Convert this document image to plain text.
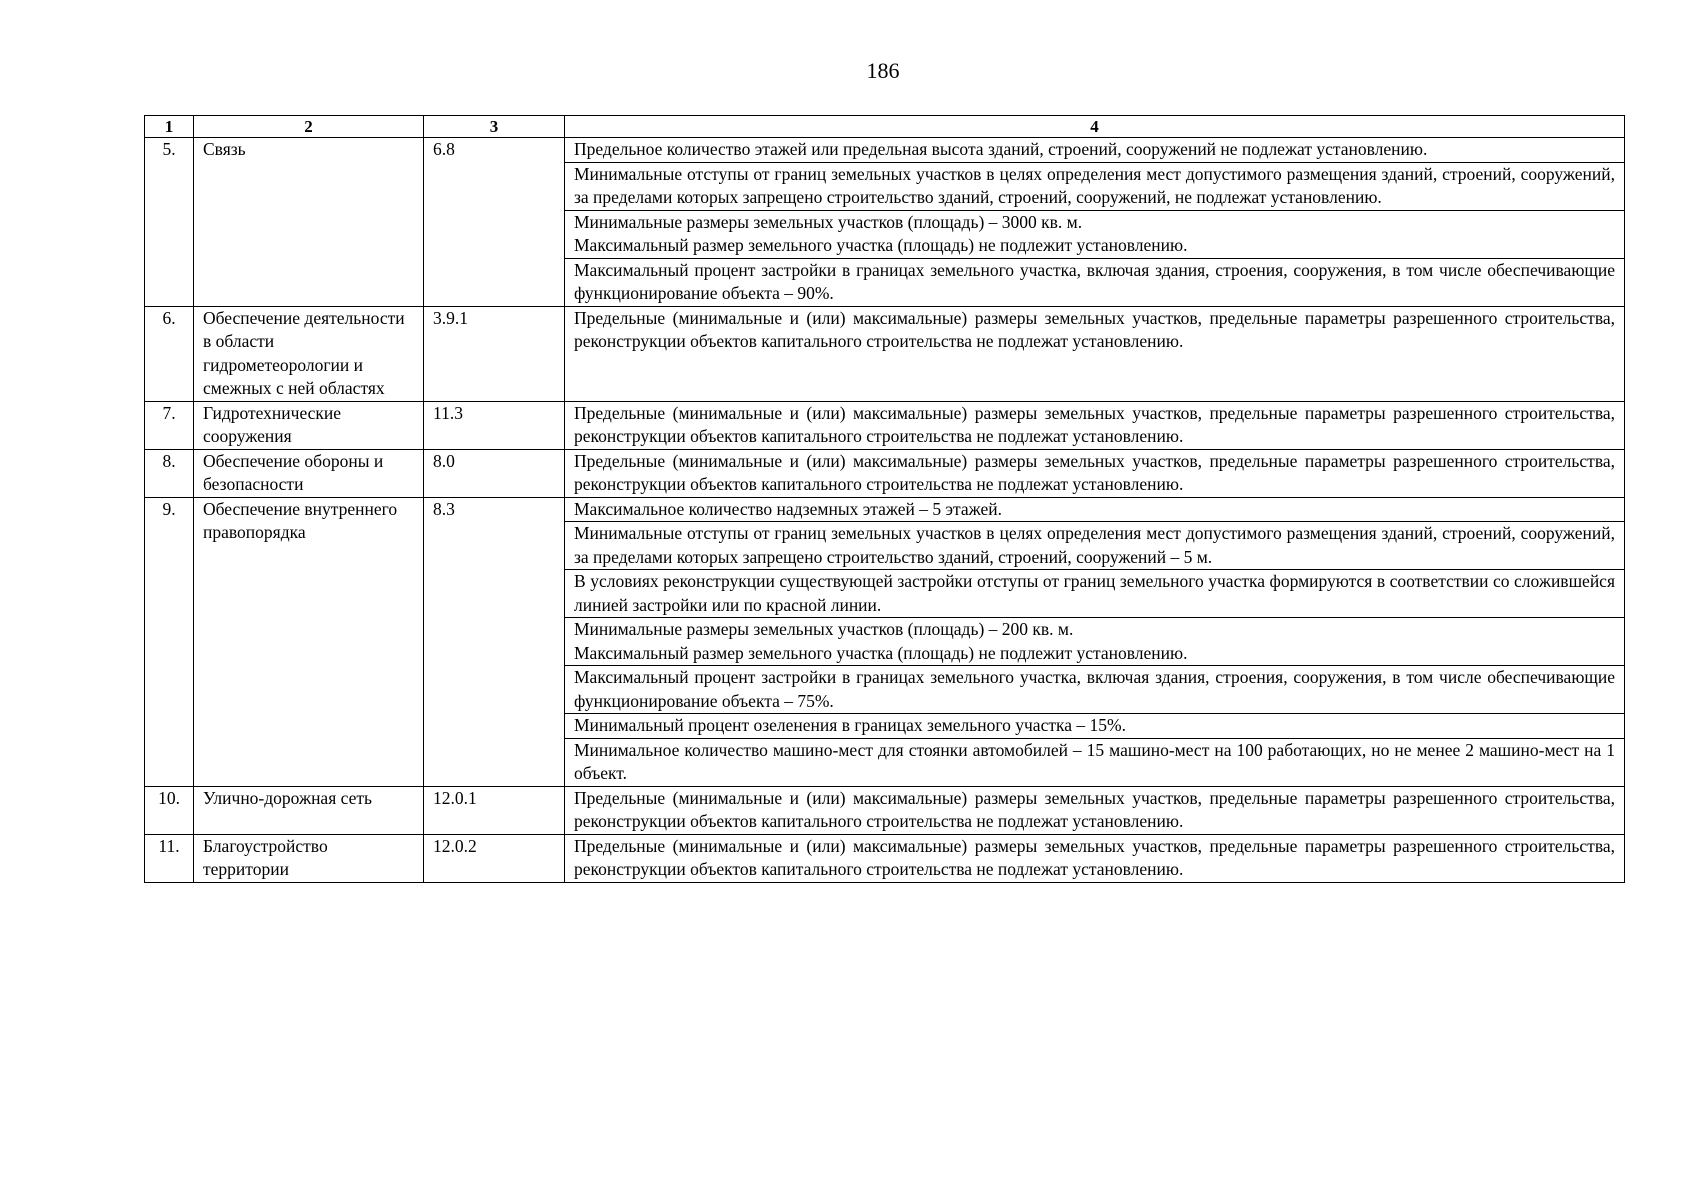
186
1	2	3	4
5.	Связь	6.8	Предельное количество этажей или предельная высота зданий, строений, сооружений не подлежат установлению.
			Минимальные отступы от границ земельных участков в целях определения мест допустимого размещения зданий, строений, сооружений, за пределами которых запрещено строительство зданий, строений, сооружений, не подлежат установлению.

			Минимальные размеры земельных участков (площадь) – 3000 кв. м.
Максимальный размер земельного участка (площадь) не подлежит установлению.

			Максимальный процент застройки в границах земельного участка, включая здания, строения, сооружения, в том числе обеспечивающие функционирование объекта – 90%.
6.	Обеспечение деятельности в области гидрометеорологии и смежных с ней областях	3.9.1	Предельные (минимальные и (или) максимальные) размеры земельных участков, предельные параметры разрешенного строительства, реконструкции объектов капитального строительства не подлежат установлению.
7.	Гидротехнические сооружения	11.3	Предельные (минимальные и (или) максимальные) размеры земельных участков, предельные параметры разрешенного строительства, реконструкции объектов капитального строительства не подлежат установлению.
8.	Обеспечение обороны и безопасности	8.0	Предельные (минимальные и (или) максимальные) размеры земельных участков, предельные параметры разрешенного строительства, реконструкции объектов капитального строительства не подлежат установлению.
9.	Обеспечение внутреннего правопорядка	8.3	Максимальное количество надземных этажей – 5 этажей.
			Минимальные отступы от границ земельных участков в целях определения мест допустимого размещения зданий, строений, сооружений, за пределами которых запрещено строительство зданий, строений, сооружений – 5 м.
			В условиях реконструкции существующей застройки отступы от границ земельного участка формируются в соответствии со сложившейся линией застройки или по красной линии.

			Минимальные размеры земельных участков (площадь) – 200 кв. м.
Максимальный размер земельного участка (площадь) не подлежит установлению.

			Максимальный процент застройки в границах земельного участка, включая здания, строения, сооружения, в том числе обеспечивающие функционирование объекта – 75%.
			Минимальный процент озеленения в границах земельного участка – 15%.
			Минимальное количество машино-мест для стоянки автомобилей – 15 машино-мест на 100 работающих, но не менее 2 машино-мест на 1 объект.
10.	Улично-дорожная сеть	12.0.1	Предельные (минимальные и (или) максимальные) размеры земельных участков, предельные параметры разрешенного строительства, реконструкции объектов капитального строительства не подлежат установлению.
11.	Благоустройство территории	12.0.2	Предельные (минимальные и (или) максимальные) размеры земельных участков, предельные параметры разрешенного строительства, реконструкции объектов капитального строительства не подлежат установлению.
